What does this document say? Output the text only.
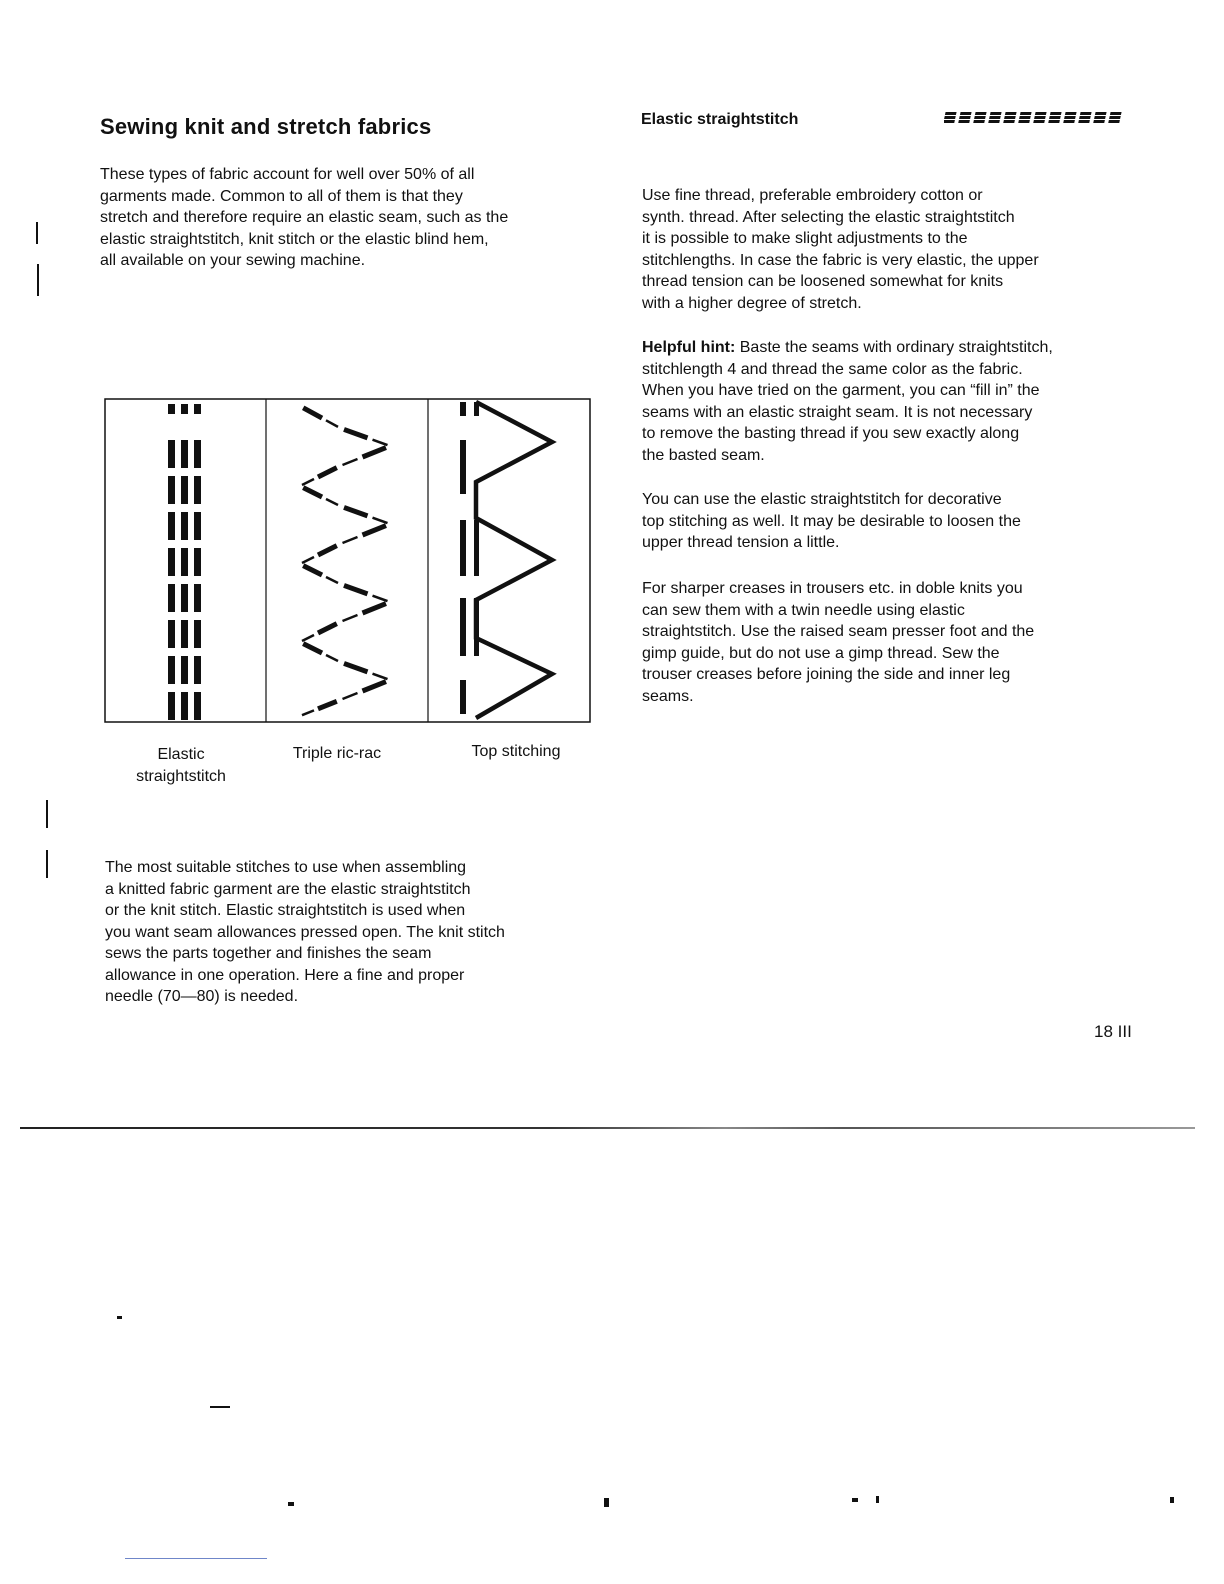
Sewing knit and stretch fabrics

These types of fabric account for well over 50% of all
garments made. Common to all of them is that they
stretch and therefore require an elastic seam, such as the
elastic straightstitch, knit stitch or the elastic blind hem,
all available on your sewing machine.

Elastic
straightstitch
Triple ric-rac	Top stitching

The most suitable stitches to use when assembling
a knitted fabric garment are the elastic straightstitch
or the knit stitch. Elastic straightstitch is used when
you want seam allowances pressed open. The knit stitch
sews the parts together and finishes the seam
allowance in one operation. Here a fine and proper
needle (70—80) is needed.

Elastic straightstitch

Use fine thread, preferable embroidery cotton or
synth. thread. After selecting the elastic straightstitch
it is possible to make slight adjustments to the
stitchlengths. In case the fabric is very elastic, the upper
thread tension can be loosened somewhat for knits
with a higher degree of stretch.

Helpful hint: Baste the seams with ordinary straightstitch,
stitchlength 4 and thread the same color as the fabric.
When you have tried on the garment, you can “fill in” the
seams with an elastic straight seam. It is not necessary
to remove the basting thread if you sew exactly along
the basted seam.

You can use the elastic straightstitch for decorative
top stitching as well. It may be desirable to loosen the
upper thread tension a little.

For sharper creases in trousers etc. in doble knits you
can sew them with a twin needle using elastic
straightstitch. Use the raised seam presser foot and the
gimp guide, but do not use a gimp thread. Sew the
trouser creases before joining the side and inner leg
seams.

18 III
